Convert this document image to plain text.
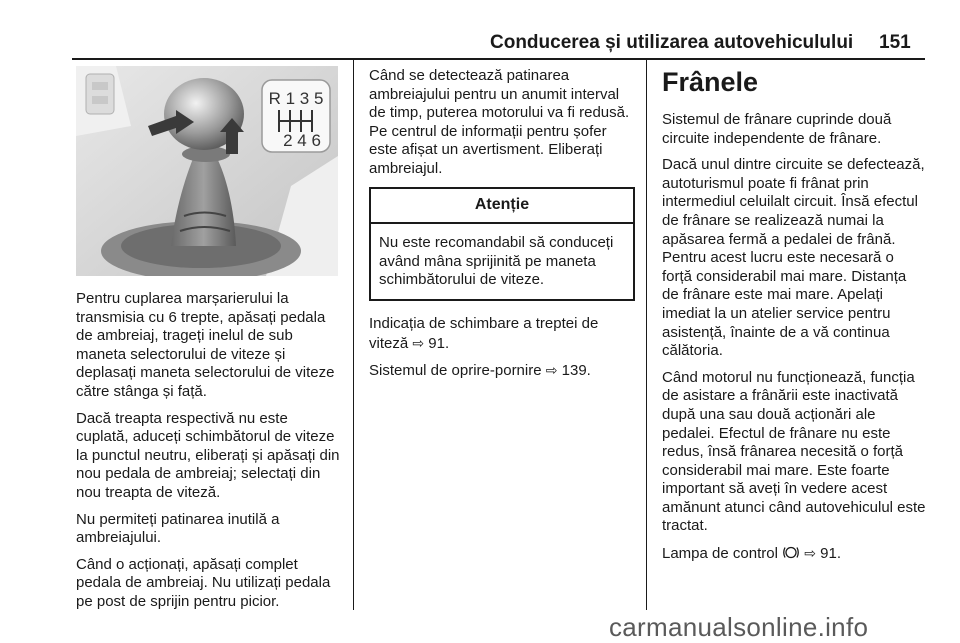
Conducerea și utilizarea autovehiculului 151
R 1 3 5
2 4 6

Pentru cuplarea marșarierului la transmisia cu 6 trepte, apăsați pedala de ambreiaj, trageți inelul de sub maneta selectorului de viteze și deplasați maneta selectorului de viteze către stânga și față.

Dacă treapta respectivă nu este cuplată, aduceți schimbătorul de viteze la punctul neutru, eliberați și apăsați din nou pedala de ambreiaj; selectați din nou treapta de viteză.

Nu permiteți patinarea inutilă a ambreiajului.

Când o acționați, apăsați complet pedala de ambreiaj. Nu utilizați pedala pe post de sprijin pentru picior.

Când se detectează patinarea ambreiajului pentru un anumit interval de timp, puterea motorului va fi redusă. Pe centrul de informații pentru șofer este afișat un avertisment. Eliberați ambreiajul.

Atenție
Nu este recomandabil să conduceți având mâna sprijinită pe maneta schimbătorului de viteze.

Indicația de schimbare a treptei de viteză ⇨ 91.

Sistemul de oprire-pornire ⇨ 139.

Frânele

Sistemul de frânare cuprinde două circuite independente de frânare.

Dacă unul dintre circuite se defectează, autoturismul poate fi frânat prin intermediul celuilalt circuit. Însă efectul de frânare se realizează numai la apăsarea fermă a pedalei de frână. Pentru acest lucru este necesară o forță considerabil mai mare. Distanța de frânare este mai mare. Apelați imediat la un atelier service pentru asistență, înainte de a vă continua călătoria.

Când motorul nu funcționează, funcția de asistare a frânării este inactivată după una sau două acționări ale pedalei. Efectul de frânare nu este redus, însă frânarea necesită o forță considerabil mai mare. Este foarte important să aveți în vedere acest amănunt atunci când autovehiculul este tractat.

Lampa de control ⇨ 91.

carmanualsonline.info
